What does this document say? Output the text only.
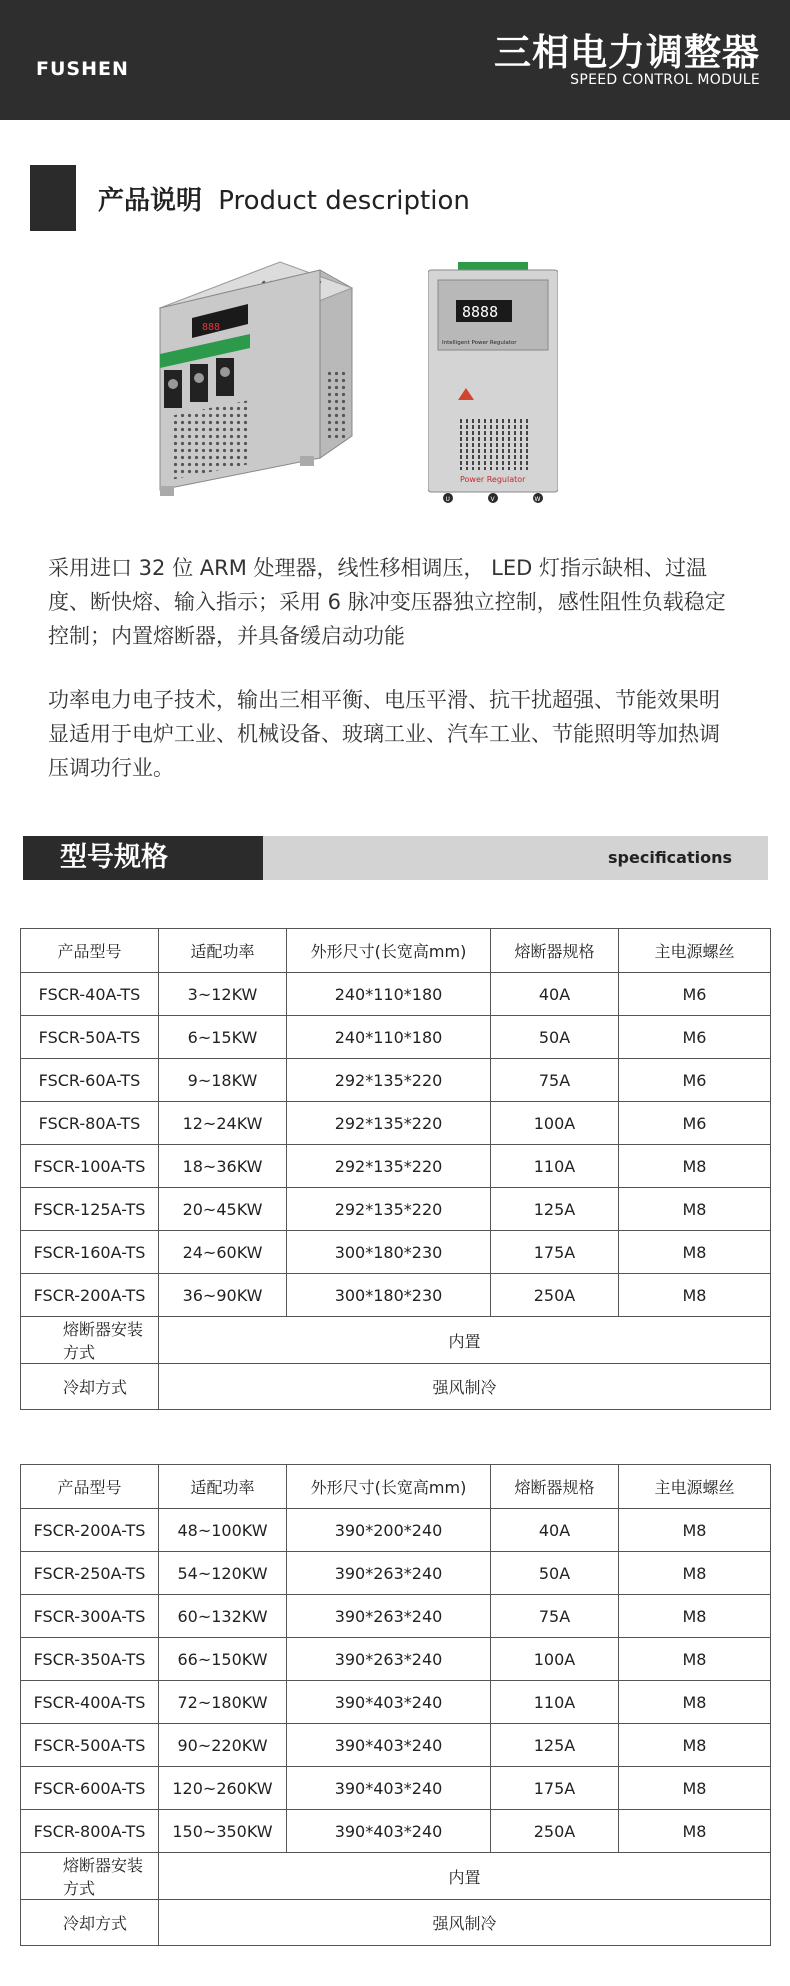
FUSHEN	三相电力调整器
SPEED CONTROL MODULE
产品说明 Product description
888
8888
Intelligent Power Regulator
Power Regulator
U	V	W
采用进口 32 位 ARM 处理器，线性移相调压， LED 灯指示缺相、过温度、断快熔、输入指示；采用 6 脉冲变压器独立控制，感性阻性负载稳定控制；内置熔断器，并具备缓启动功能
功率电力电子技术，输出三相平衡、电压平滑、抗干扰超强、节能效果明显适用于电炉工业、机械设备、玻璃工业、汽车工业、节能照明等加热调压调功行业。
型号规格	specifications
产品型号	适配功率	外形尺寸(长宽高mm)	熔断器规格	主电源螺丝
FSCR-40A-TS	3~12KW	240*110*180	40A	M6
FSCR-50A-TS	6~15KW	240*110*180	50A	M6
FSCR-60A-TS	9~18KW	292*135*220	75A	M6
FSCR-80A-TS	12~24KW	292*135*220	100A	M6
FSCR-100A-TS	18~36KW	292*135*220	110A	M8
FSCR-125A-TS	20~45KW	292*135*220	125A	M8
FSCR-160A-TS	24~60KW	300*180*230	175A	M8
FSCR-200A-TS	36~90KW	300*180*230	250A	M8
熔断器安装方式	内置			
冷却方式	强风制冷			
产品型号	适配功率	外形尺寸(长宽高mm)	熔断器规格	主电源螺丝
FSCR-200A-TS	48~100KW	390*200*240	40A	M8
FSCR-250A-TS	54~120KW	390*263*240	50A	M8
FSCR-300A-TS	60~132KW	390*263*240	75A	M8
FSCR-350A-TS	66~150KW	390*263*240	100A	M8
FSCR-400A-TS	72~180KW	390*403*240	110A	M8
FSCR-500A-TS	90~220KW	390*403*240	125A	M8
FSCR-600A-TS	120~260KW	390*403*240	175A	M8
FSCR-800A-TS	150~350KW	390*403*240	250A	M8
熔断器安装方式	内置			
冷却方式	强风制冷			
